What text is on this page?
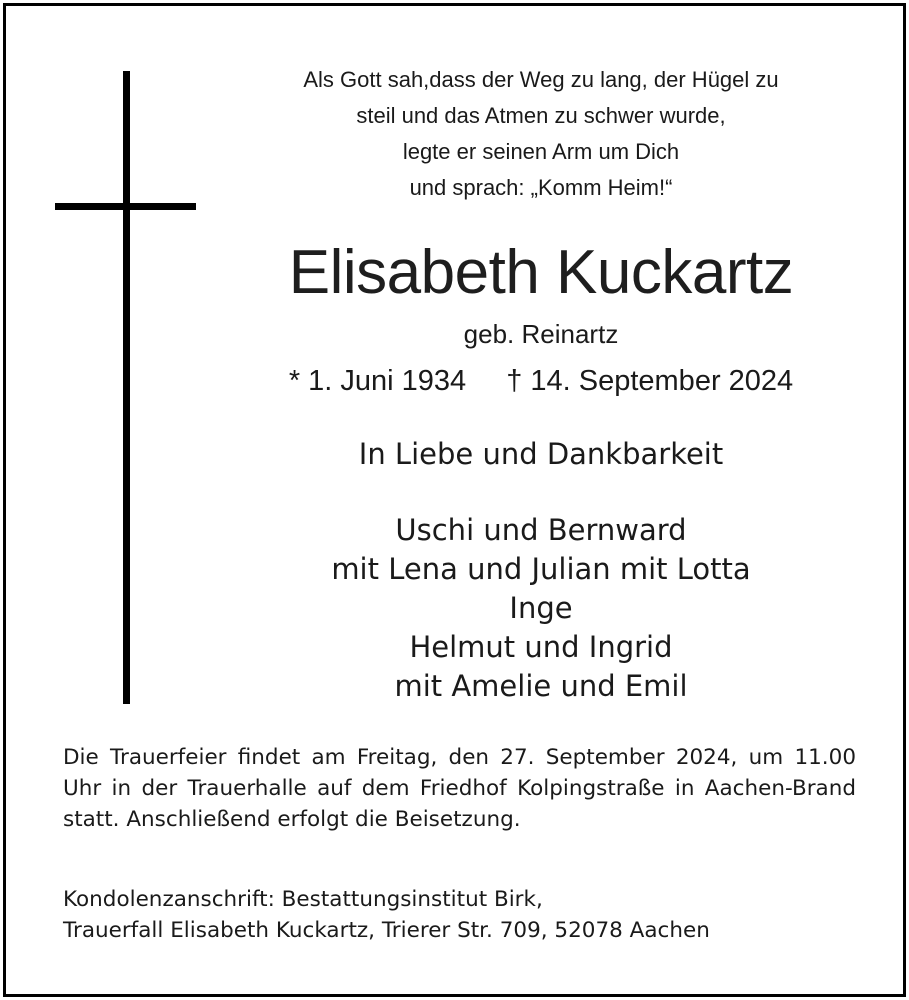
Als Gott sah,dass der Weg zu lang, der Hügel zu
steil und das Atmen zu schwer wurde,
legte er seinen Arm um Dich
und sprach: „Komm Heim!“
Elisabeth Kuckartz
geb. Reinartz
* 1. Juni 1934 † 14. September 2024
In Liebe und Dankbarkeit
Uschi und Bernward
mit Lena und Julian mit Lotta
Inge
Helmut und Ingrid
mit Amelie und Emil
Die Trauerfeier findet am Freitag, den 27. September 2024, um 11.00 Uhr in der Trauerhalle auf dem Friedhof Kolpingstraße in Aachen-Brand statt. Anschließend erfolgt die Beisetzung.
Kondolenzanschrift: Bestattungsinstitut Birk,
Trauerfall Elisabeth Kuckartz, Trierer Str. 709, 52078 Aachen
